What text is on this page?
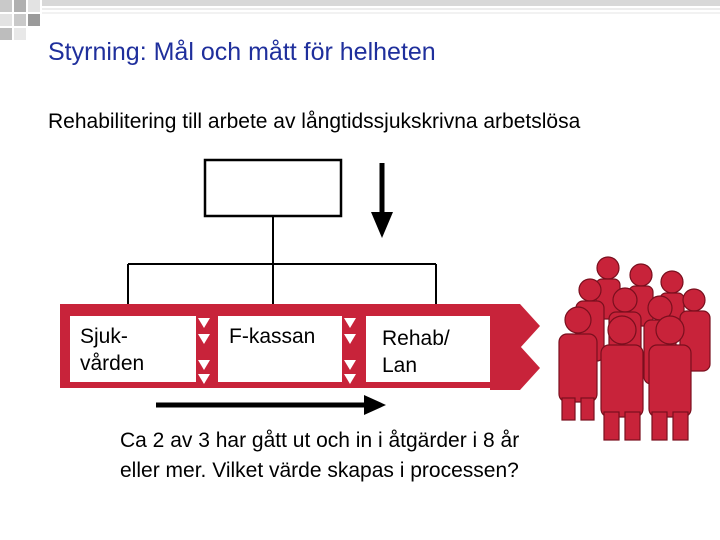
Styrning: Mål och mått för helheten
Rehabilitering till arbete av långtidssjukskrivna arbetslösa
Sjuk-
vården
F-kassan	Rehab/
Lan
Ca 2 av 3 har gått ut och in i åtgärder i 8 år
eller mer. Vilket värde skapas i processen?
